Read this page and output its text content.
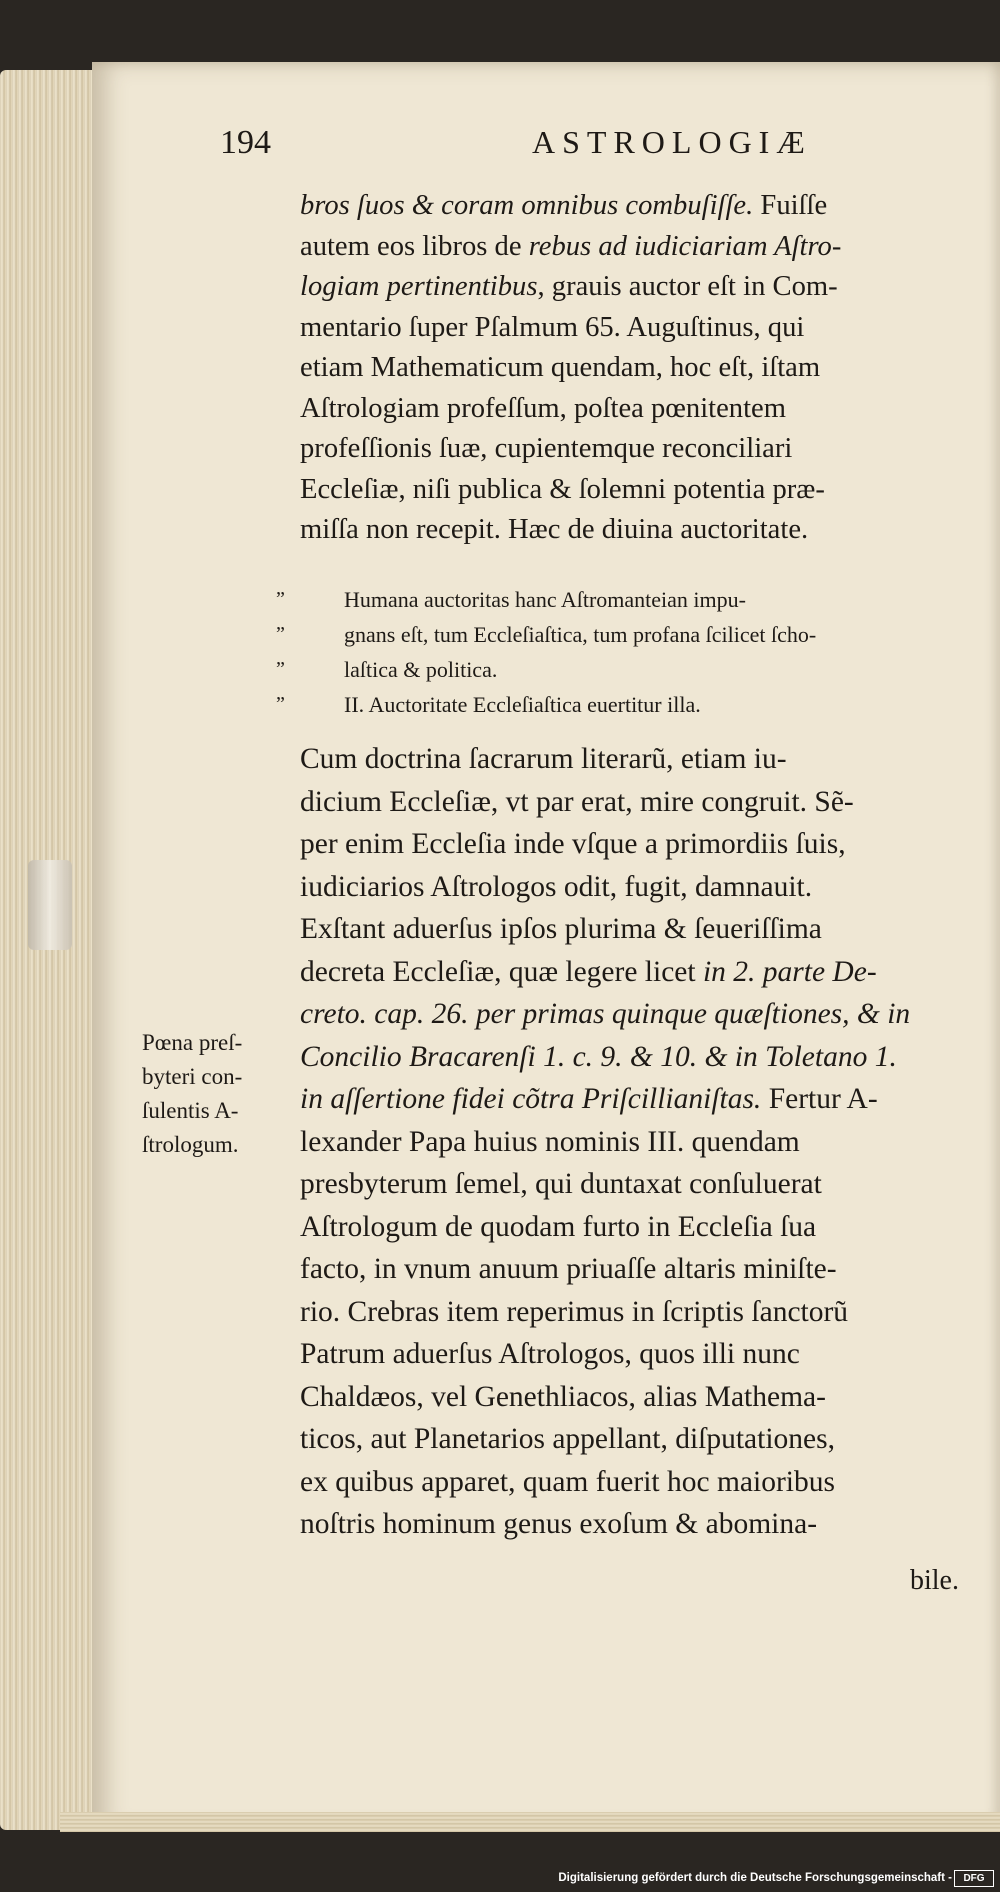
194	ASTROLOGIÆ
bros ſuos & coram omnibus combuſiſſe. Fuiſſe
autem eos libros de rebus ad iudiciariam Aſtro-
logiam pertinentibus, grauis auctor eſt in Com-
mentario ſuper Pſalmum 65. Auguſtinus, qui
etiam Mathematicum quendam, hoc eſt, iſtam
Aſtrologiam profeſſum, poſtea pœnitentem
profeſſionis ſuæ, cupientemque reconciliari
Eccleſiæ, niſi publica & ſolemni potentia præ-
miſſa non recepit. Hæc de diuina auctoritate.
”	Humana auctoritas hanc Aſtromanteian impu-
”	gnans eſt, tum Eccleſiaſtica, tum profana ſcilicet ſcho-
”	laſtica & politica.
”	II. Auctoritate Eccleſiaſtica euertitur illa.
Cum doctrina ſacrarum literarũ, etiam iu-
dicium Eccleſiæ, vt par erat, mire congruit. Sẽ-
per enim Eccleſia inde vſque a primordiis ſuis,
iudiciarios Aſtrologos odit, fugit, damnauit.
Exſtant aduerſus ipſos plurima & ſeueriſſima
decreta Eccleſiæ, quæ legere licet in 2. parte De-
creto. cap. 26. per primas quinque quæſtiones, & in
Concilio Bracarenſi 1. c. 9. & 10. & in Toletano 1.
in aſſertione fidei cõtra Priſcillianiſtas. Fertur A-
lexander Papa huius nominis III. quendam
presbyterum ſemel, qui duntaxat conſuluerat
Aſtrologum de quodam furto in Eccleſia ſua
facto, in vnum anuum priuaſſe altaris miniſte-
rio. Crebras item reperimus in ſcriptis ſanctorũ
Patrum aduerſus Aſtrologos, quos illi nunc
Chaldæos, vel Genethliacos, alias Mathema-
ticos, aut Planetarios appellant, diſputationes,
ex quibus apparet, quam fuerit hoc maioribus
noſtris hominum genus exoſum & abomina-
Pœna preſ-
byteri con-
ſulentis A-
ſtrologum.
bile.
Digitalisierung gefördert durch die Deutsche Forschungsgemeinschaft -	DFG
